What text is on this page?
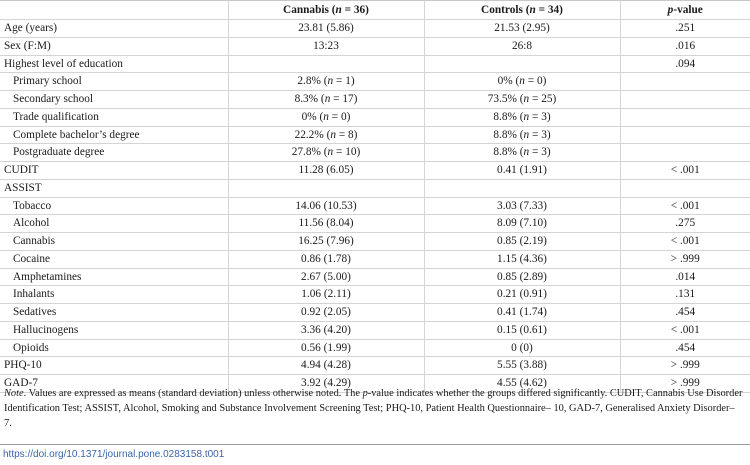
	Cannabis (n = 36)	Controls (n = 34)	p-value
Age (years)	23.81 (5.86)	21.53 (2.95)	.251
Sex (F:M)	13:23	26:8	.016
Highest level of education			.094
Primary school	2.8% (n = 1)	0% (n = 0)	
Secondary school	8.3% (n = 17)	73.5% (n = 25)	
Trade qualification	0% (n = 0)	8.8% (n = 3)	
Complete bachelor’s degree	22.2% (n = 8)	8.8% (n = 3)	
Postgraduate degree	27.8% (n = 10)	8.8% (n = 3)	
CUDIT	11.28 (6.05)	0.41 (1.91)	< .001
ASSIST			
Tobacco	14.06 (10.53)	3.03 (7.33)	< .001
Alcohol	11.56 (8.04)	8.09 (7.10)	.275
Cannabis	16.25 (7.96)	0.85 (2.19)	< .001
Cocaine	0.86 (1.78)	1.15 (4.36)	> .999
Amphetamines	2.67 (5.00)	0.85 (2.89)	.014
Inhalants	1.06 (2.11)	0.21 (0.91)	.131
Sedatives	0.92 (2.05)	0.41 (1.74)	.454
Hallucinogens	3.36 (4.20)	0.15 (0.61)	< .001
Opioids	0.56 (1.99)	0 (0)	.454
PHQ-10	4.94 (4.28)	5.55 (3.88)	> .999
GAD-7	3.92 (4.29)	4.55 (4.62)	> .999
Note. Values are expressed as means (standard deviation) unless otherwise noted. The p-value indicates whether the groups differed significantly. CUDIT, Cannabis Use Disorder Identification Test; ASSIST, Alcohol, Smoking and Substance Involvement Screening Test; PHQ-10, Patient Health Questionnaire– 10, GAD-7, Generalised Anxiety Disorder– 7.
https://doi.org/10.1371/journal.pone.0283158.t001
